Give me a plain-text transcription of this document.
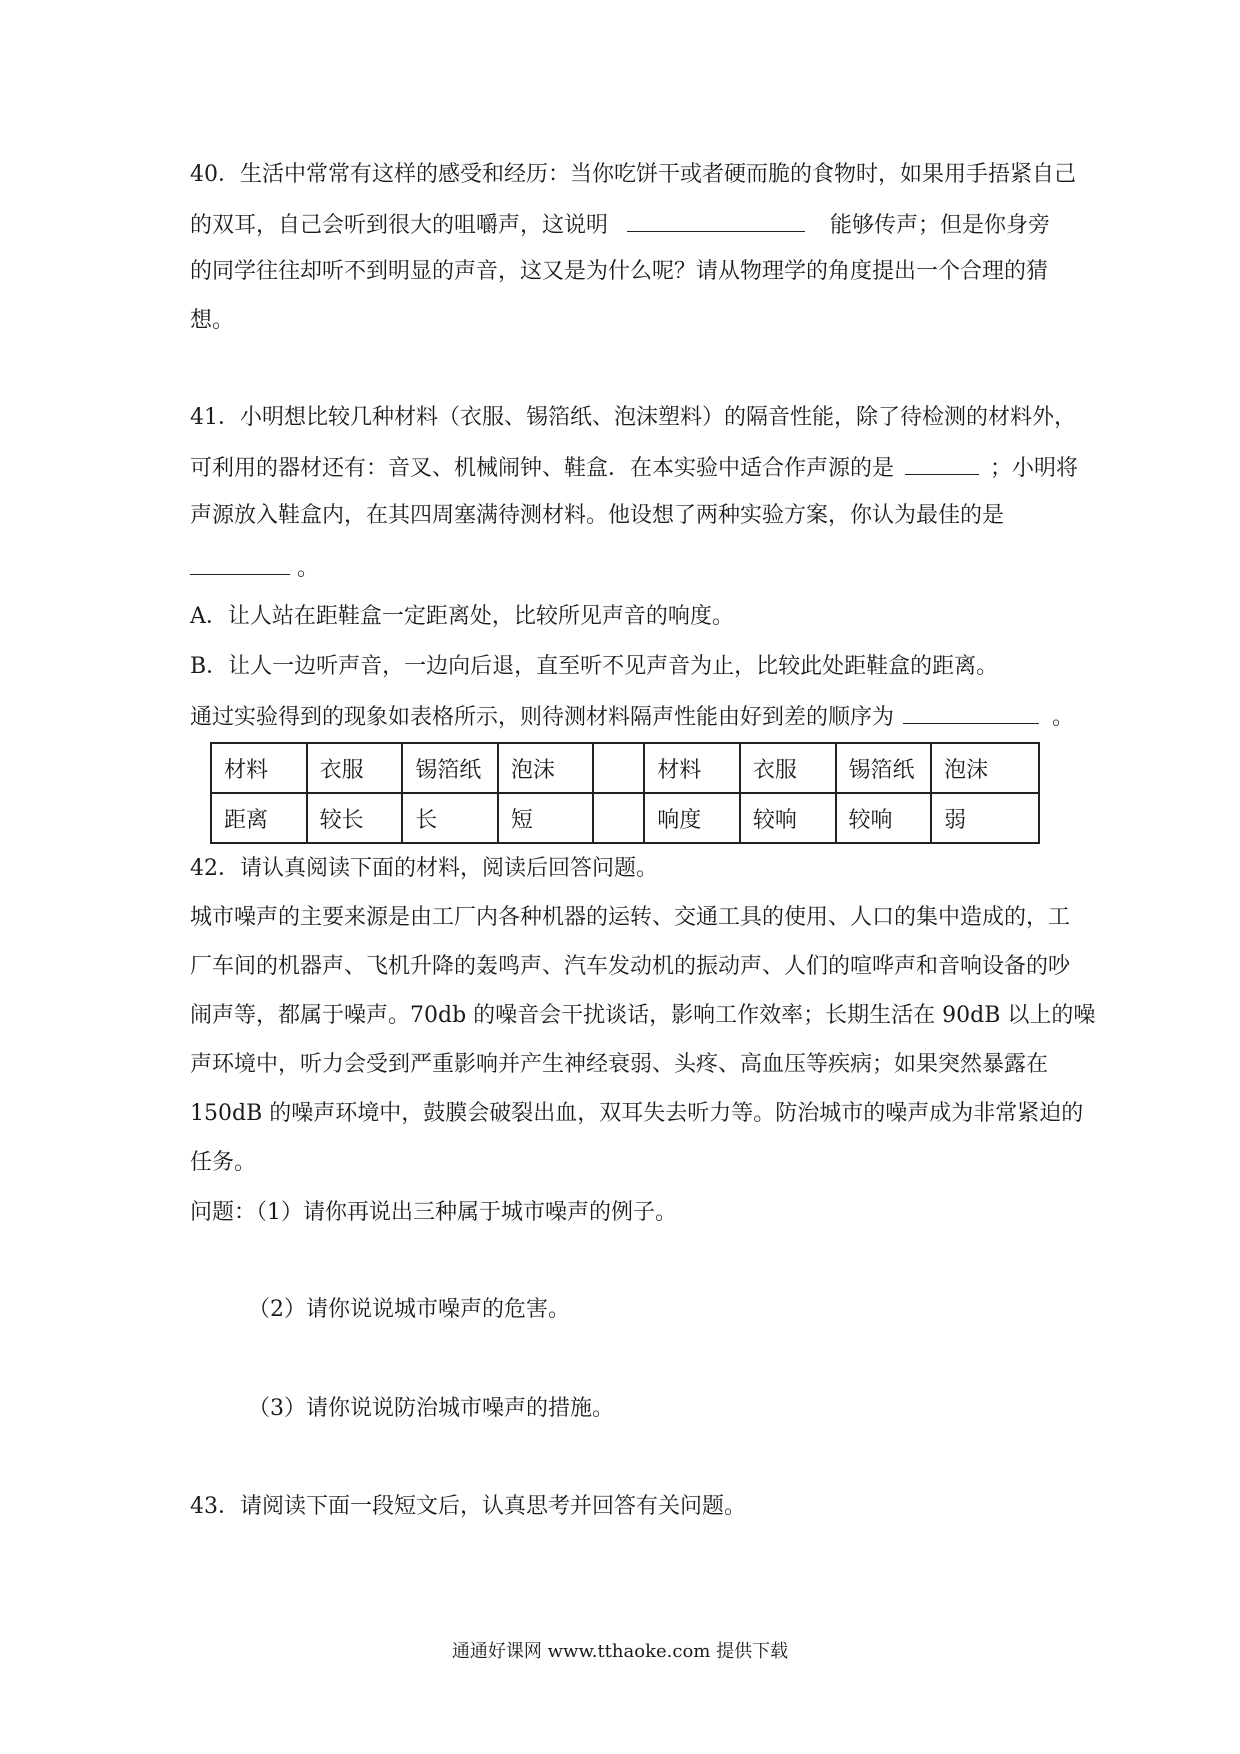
40．生活中常常有这样的感受和经历：当你吃饼干或者硬而脆的食物时，如果用手捂紧自己
的双耳，自己会听到很大的咀嚼声，这说明	能够传声；但是你身旁
的同学往往却听不到明显的声音，这又是为什么呢？请从物理学的角度提出一个合理的猜
想。
41．小明想比较几种材料（衣服、锡箔纸、泡沫塑料）的隔音性能，除了待检测的材料外，
可利用的器材还有：音叉、机械闹钟、鞋盒．在本实验中适合作声源的是	；小明将
声源放入鞋盒内，在其四周塞满待测材料。他设想了两种实验方案，你认为最佳的是
。
A．让人站在距鞋盒一定距离处，比较所见声音的响度。
B．让人一边听声音，一边向后退，直至听不见声音为止，比较此处距鞋盒的距离。
通过实验得到的现象如表格所示，则待测材料隔声性能由好到差的顺序为	。
材料	衣服	锡箔纸	泡沫		材料	衣服	锡箔纸	泡沫
距离	较长	长	短		响度	较响	较响	弱
42．请认真阅读下面的材料，阅读后回答问题。
城市噪声的主要来源是由工厂内各种机器的运转、交通工具的使用、人口的集中造成的，工
厂车间的机器声、飞机升降的轰鸣声、汽车发动机的振动声、人们的喧哗声和音响设备的吵
闹声等，都属于噪声。70db 的噪音会干扰谈话，影响工作效率；长期生活在 90dB 以上的噪
声环境中，听力会受到严重影响并产生神经衰弱、头疼、高血压等疾病；如果突然暴露在
150dB 的噪声环境中，鼓膜会破裂出血，双耳失去听力等。防治城市的噪声成为非常紧迫的
任务。
问题：（1）请你再说出三种属于城市噪声的例子。
（2）请你说说城市噪声的危害。
（3）请你说说防治城市噪声的措施。
43．请阅读下面一段短文后，认真思考并回答有关问题。
通通好课网 www.tthaoke.com 提供下载
